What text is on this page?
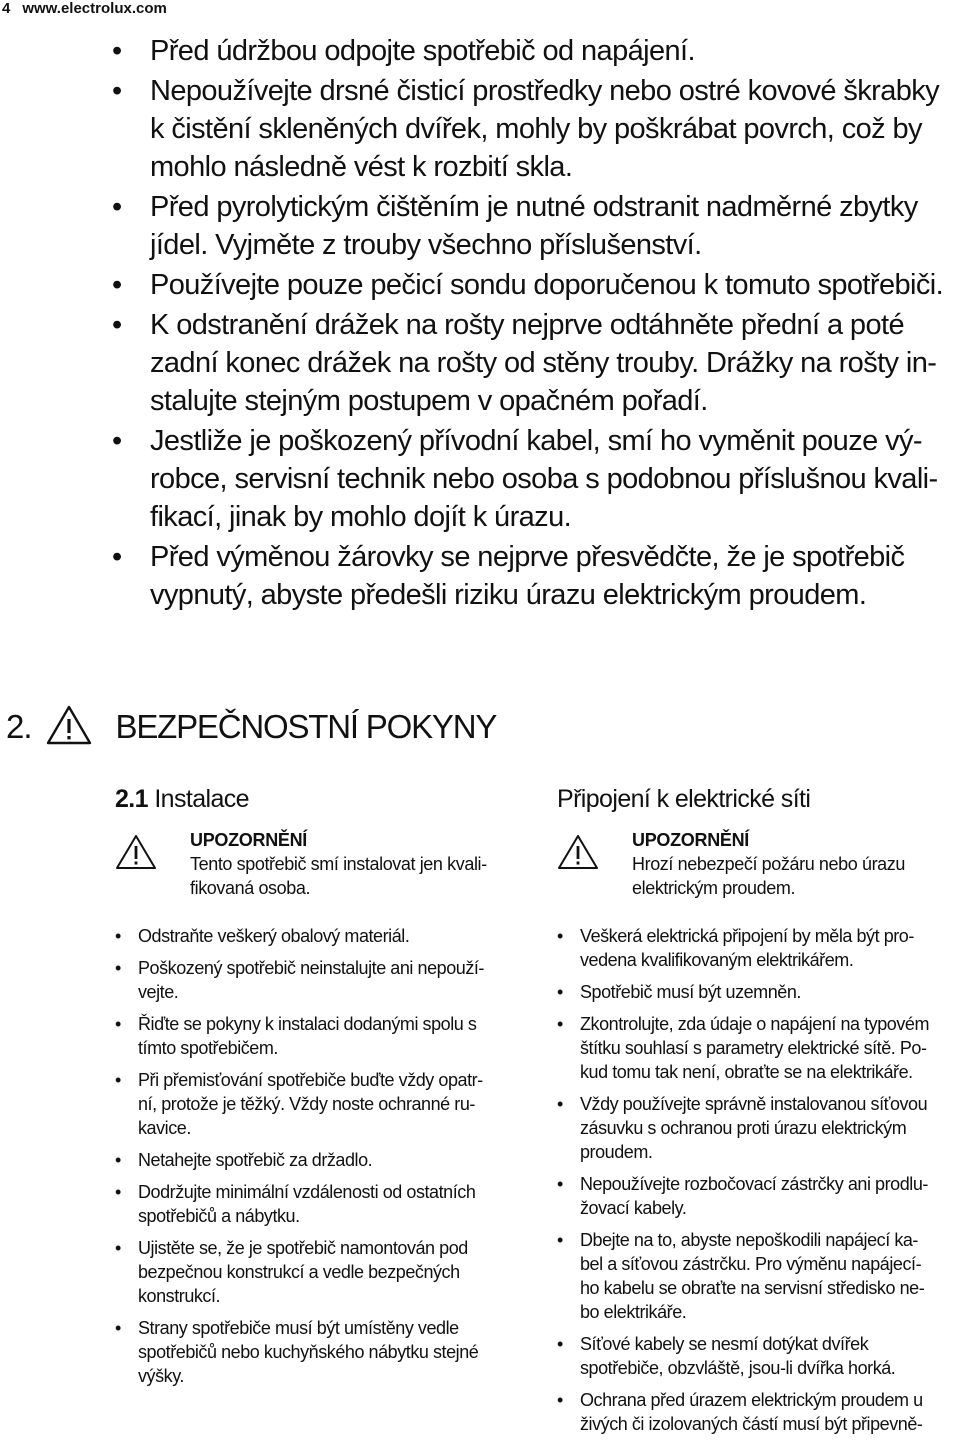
4 www.electrolux.com
• Před údržbou odpojte spotřebič od napájení.
• Nepoužívejte drsné čisticí prostředky nebo ostré kovové škrabky
k čistění skleněných dvířek, mohly by poškrábat povrch, což by
mohlo následně vést k rozbití skla.
• Před pyrolytickým čištěním je nutné odstranit nadměrné zbytky
jídel. Vyjměte z trouby všechno příslušenství.
• Používejte pouze pečicí sondu doporučenou k tomuto spotřebiči.
• K odstranění drážek na rošty nejprve odtáhněte přední a poté
zadní konec drážek na rošty od stěny trouby. Drážky na rošty in-
stalujte stejným postupem v opačném pořadí.
• Jestliže je poškozený přívodní kabel, smí ho vyměnit pouze vý-
robce, servisní technik nebo osoba s podobnou příslušnou kvali-
fikací, jinak by mohlo dojít k úrazu.
• Před výměnou žárovky se nejprve přesvědčte, že je spotřebič
vypnutý, abyste předešli riziku úrazu elektrickým proudem.
2.	BEZPEČNOSTNÍ POKYNY
2.1 Instalace
UPOZORNĚNÍ
Tento spotřebič smí instalovat jen kvali-
fikovaná osoba.
• Odstraňte veškerý obalový materiál.
• Poškozený spotřebič neinstalujte ani nepouží-
vejte.
• Řiďte se pokyny k instalaci dodanými spolu s
tímto spotřebičem.
• Při přemisťování spotřebiče buďte vždy opatr-
ní, protože je těžký. Vždy noste ochranné ru-
kavice.
• Netahejte spotřebič za držadlo.
• Dodržujte minimální vzdálenosti od ostatních
spotřebičů a nábytku.
• Ujistěte se, že je spotřebič namontován pod
bezpečnou konstrukcí a vedle bezpečných
konstrukcí.
• Strany spotřebiče musí být umístěny vedle
spotřebičů nebo kuchyňského nábytku stejné
výšky.
Připojení k elektrické síti
UPOZORNĚNÍ
Hrozí nebezpečí požáru nebo úrazu
elektrickým proudem.
• Veškerá elektrická připojení by měla být pro-
vedena kvalifikovaným elektrikářem.
• Spotřebič musí být uzemněn.
• Zkontrolujte, zda údaje o napájení na typovém
štítku souhlasí s parametry elektrické sítě. Po-
kud tomu tak není, obraťte se na elektrikáře.
• Vždy používejte správně instalovanou síťovou
zásuvku s ochranou proti úrazu elektrickým
proudem.
• Nepoužívejte rozbočovací zástrčky ani prodlu-
žovací kabely.
• Dbejte na to, abyste nepoškodili napájecí ka-
bel a síťovou zástrčku. Pro výměnu napájecí-
ho kabelu se obraťte na servisní středisko ne-
bo elektrikáře.
• Síťové kabely se nesmí dotýkat dvířek
spotřebiče, obzvláště, jsou-li dvířka horká.
• Ochrana před úrazem elektrickým proudem u
živých či izolovaných částí musí být připevně-
